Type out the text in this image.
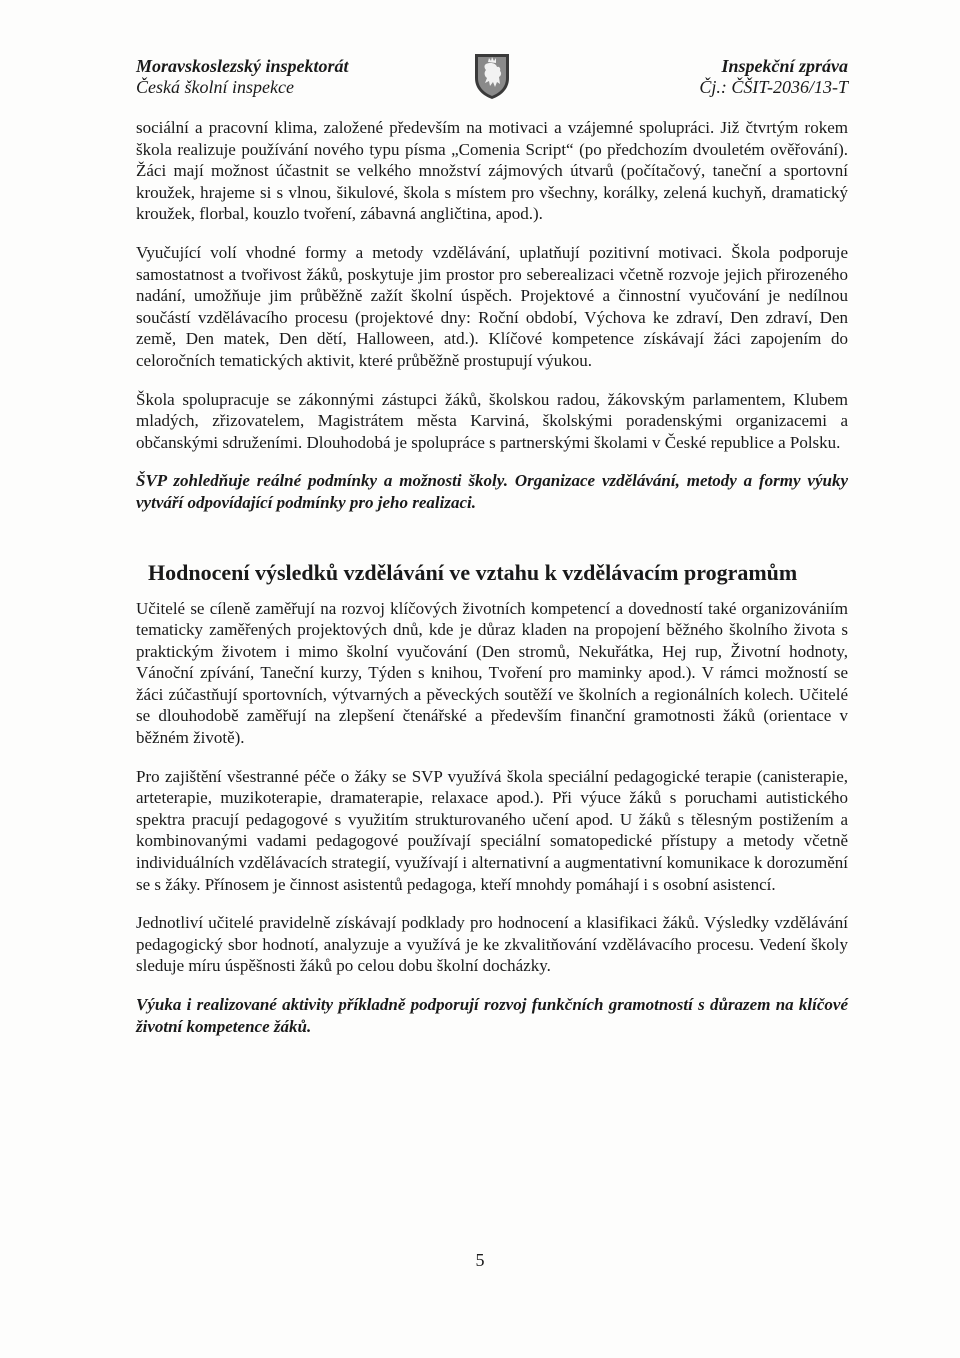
Moravskoslezský inspektorát
Česká školní inspekce
Inspekční zpráva
Čj.: ČŠIT-2036/13-T

sociální a pracovní klima, založené především na motivaci a vzájemné spolupráci. Již čtvrtým rokem škola realizuje používání nového typu písma „Comenia Script“ (po předchozím dvouletém ověřování). Žáci mají možnost účastnit se velkého množství zájmových útvarů (počítačový, taneční a sportovní kroužek, hrajeme si s vlnou, šikulové, škola s místem pro všechny, korálky, zelená kuchyň, dramatický kroužek, florbal, kouzlo tvoření, zábavná angličtina, apod.).

Vyučující volí vhodné formy a metody vzdělávání, uplatňují pozitivní motivaci. Škola podporuje samostatnost a tvořivost žáků, poskytuje jim prostor pro seberealizaci včetně rozvoje jejich přirozeného nadání, umožňuje jim průběžně zažít školní úspěch. Projektové a činnostní vyučování je nedílnou součástí vzdělávacího procesu (projektové dny: Roční období, Výchova ke zdraví, Den zdraví, Den země, Den matek, Den dětí, Halloween, atd.). Klíčové kompetence získávají žáci zapojením do celoročních tematických aktivit, které průběžně prostupují výukou.

Škola spolupracuje se zákonnými zástupci žáků, školskou radou, žákovským parlamentem, Klubem mladých, zřizovatelem, Magistrátem města Karviná, školskými poradenskými organizacemi a občanskými sdruženími. Dlouhodobá je spolupráce s partnerskými školami v České republice a Polsku.

ŠVP zohledňuje reálné podmínky a možnosti školy. Organizace vzdělávání, metody a formy výuky vytváří odpovídající podmínky pro jeho realizaci.

Hodnocení výsledků vzdělávání ve vztahu k vzdělávacím programům

Učitelé se cíleně zaměřují na rozvoj klíčových životních kompetencí a dovedností také organizovániím tematicky zaměřených projektových dnů, kde je důraz kladen na propojení běžného školního života s praktickým životem i mimo školní vyučování (Den stromů, Nekuřátka, Hej rup, Životní hodnoty, Vánoční zpívání, Taneční kurzy, Týden s knihou, Tvoření pro maminky apod.). V rámci možností se žáci zúčastňují sportovních, výtvarných a pěveckých soutěží ve školních a regionálních kolech. Učitelé se dlouhodobě zaměřují na zlepšení čtenářské a především finanční gramotnosti žáků (orientace v běžném životě).

Pro zajištění všestranné péče o žáky se SVP využívá škola speciální pedagogické terapie (canisterapie, arteterapie, muzikoterapie, dramaterapie, relaxace apod.). Při výuce žáků s poruchami autistického spektra pracují pedagogové s využitím strukturovaného učení apod. U žáků s tělesným postižením a kombinovanými vadami pedagogové používají speciální somatopedické přístupy a metody včetně individuálních vzdělávacích strategií, využívají i alternativní a augmentativní komunikace k dorozumění se s žáky. Přínosem je činnost asistentů pedagoga, kteří mnohdy pomáhají i s osobní asistencí.

Jednotliví učitelé pravidelně získávají podklady pro hodnocení a klasifikaci žáků. Výsledky vzdělávání pedagogický sbor hodnotí, analyzuje a využívá je ke zkvalitňování vzdělávacího procesu. Vedení školy sleduje míru úspěšnosti žáků po celou dobu školní docházky.

Výuka i realizované aktivity příkladně podporují rozvoj funkčních gramotností s důrazem na klíčové životní kompetence žáků.

5
